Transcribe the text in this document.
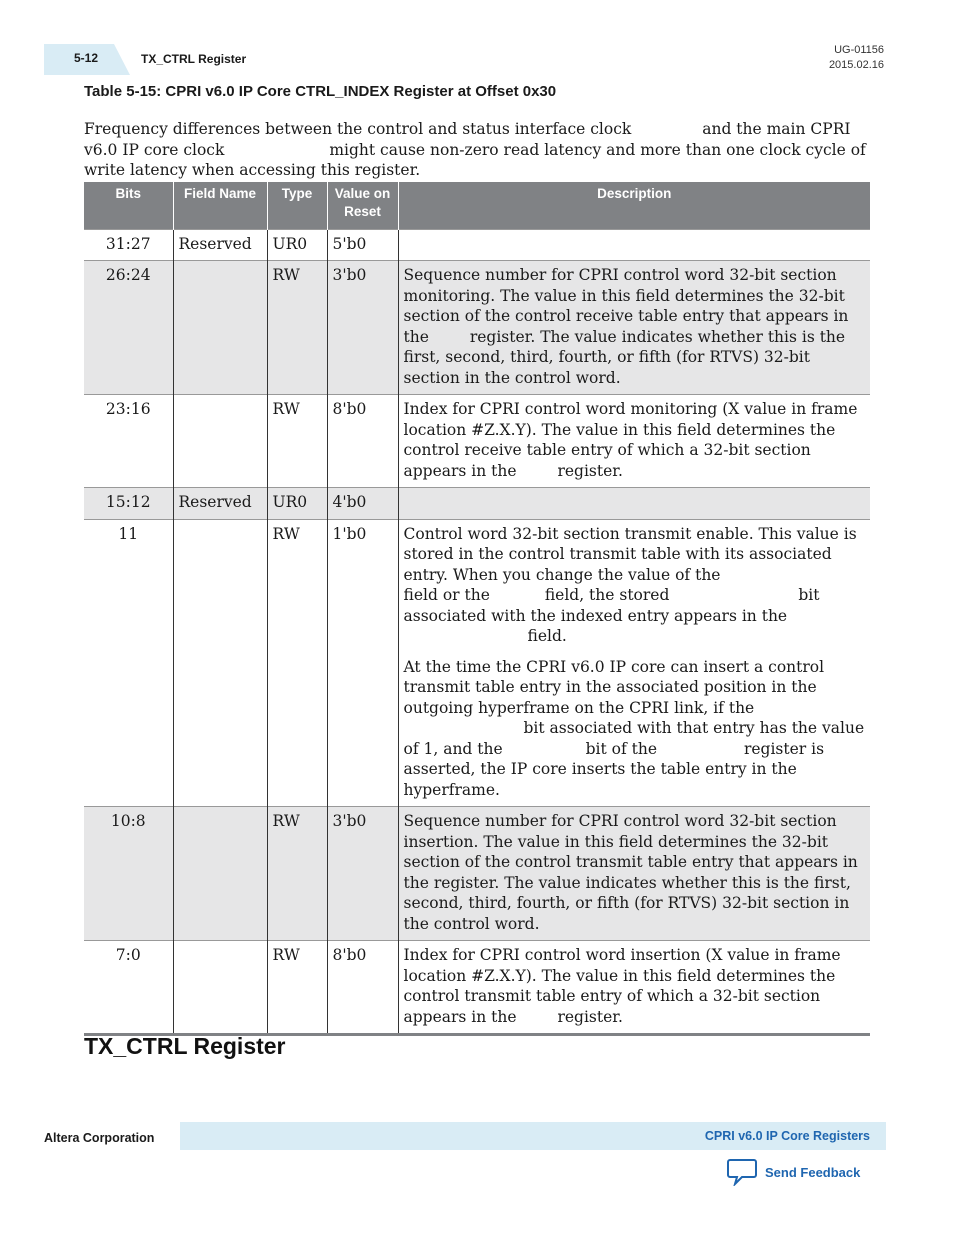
5-12	TX_CTRL Register
UG-01156
2015.02.16
Table 5-15: CPRI v6.0 IP Core CTRL_INDEX Register at Offset 0x30

Frequency differences between the control and status interface clock	and the main CPRI v6.0 IP core clock	might cause non-zero read latency and more than one clock cycle of write latency when accessing this register.

Bits	Field Name	Type	Value on Reset	Description
31:27	Reserved	UR0	5'b0	

26:24		RW	3'b0	Sequence number for CPRI control word 32-bit section monitoring. The value in this field determines the 32-bit section of the control receive table entry that appears in the register. The value indicates whether this is the first, second, third, fourth, or fifth (for RTVS) 32-bit section in the control word.

23:16		RW	8'b0	Index for CPRI control word monitoring (X value in frame location #Z.X.Y). The value in this field determines the control receive table entry of which a 32-bit section appears in the register.

15:12	Reserved	UR0	4'b0	

11		RW	1'b0	Control word 32-bit section transmit enable. This value is stored in the control transmit table with its associated entry. When you change the value of the field or the field, the stored bit associated with the indexed entry appears in the field.
At the time the CPRI v6.0 IP core can insert a control transmit table entry in the associated position in the outgoing hyperframe on the CPRI link, if the bit associated with that entry has the value of 1, and the bit of the register is asserted, the IP core inserts the table entry in the hyperframe.

10:8		RW	3'b0	Sequence number for CPRI control word 32-bit section insertion. The value in this field determines the 32-bit section of the control transmit table entry that appears in the register. The value indicates whether this is the first, second, third, fourth, or fifth (for RTVS) 32-bit section in the control word.

7:0		RW	8'b0	Index for CPRI control word insertion (X value in frame location #Z.X.Y). The value in this field determines the control transmit table entry of which a 32-bit section appears in the register.
TX_CTRL Register
Altera Corporation	CPRI v6.0 IP Core Registers
Send Feedback
